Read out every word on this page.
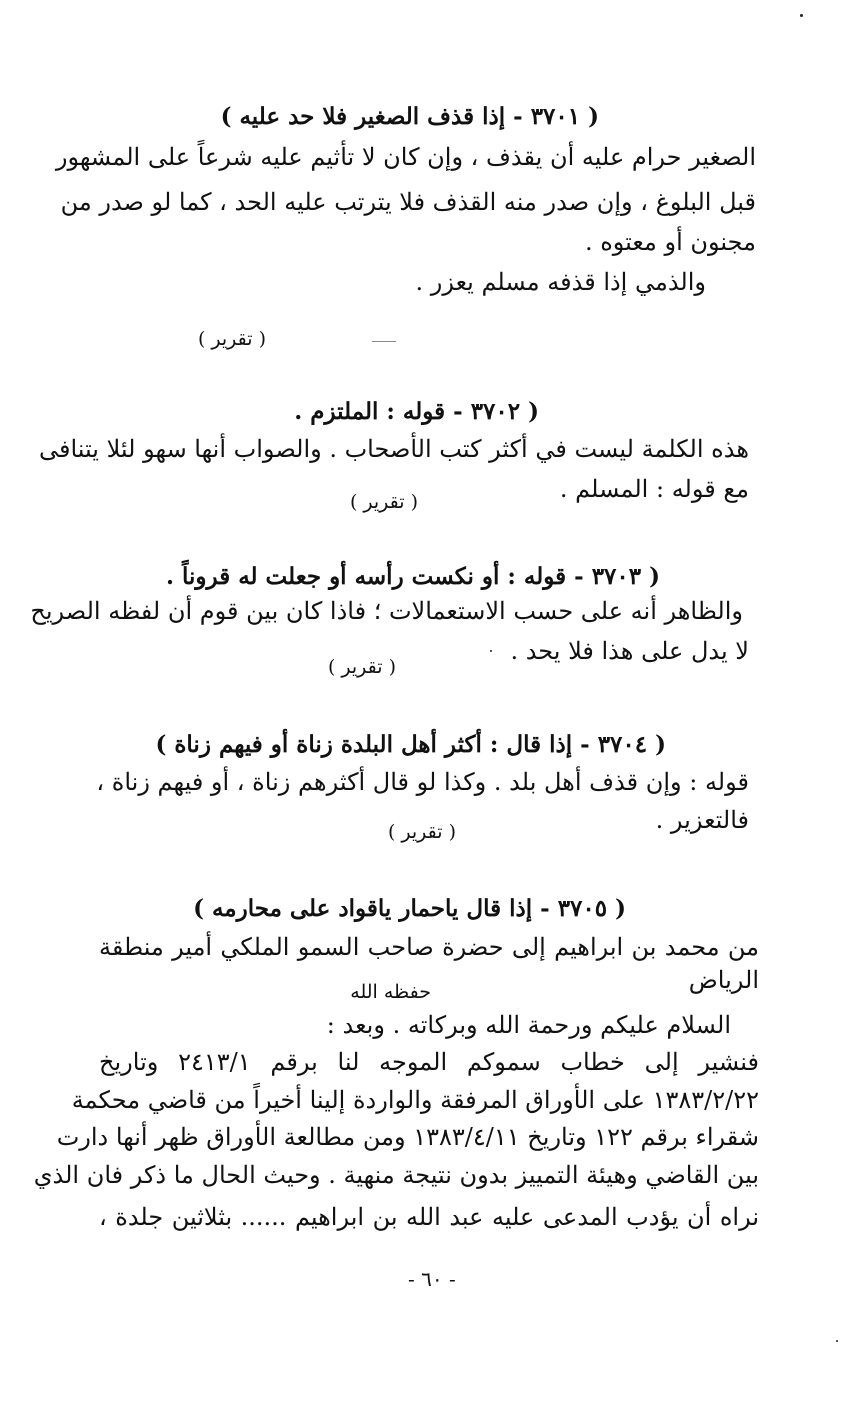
( ٣٧٠١ - إذا قذف الصغير فلا حد عليه )
الصغير حرام عليه أن يقذف ، وإن كان لا تأثيم عليه شرعاً على المشهور
قبل البلوغ ، وإن صدر منه القذف فلا يترتب عليه الحد ، كما لو صدر من
مجنون أو معتوه .
والذمي إذا قذفه مسلم يعزر .
( تقرير )
( ٣٧٠٢ - قوله : الملتزم .
هذه الكلمة ليست في أكثر كتب الأصحاب . والصواب أنها سهو لئلا يتنافى
مع قوله : المسلم .
( تقرير )
( ٣٧٠٣ - قوله : أو نكست رأسه أو جعلت له قروناً .
والظاهر أنه على حسب الاستعمالات ؛ فاذا كان بين قوم أن لفظه الصريح
لا يدل على هذا فلا يحد .
( تقرير )
( ٣٧٠٤ - إذا قال : أكثر أهل البلدة زناة أو فيهم زناة )
قوله : وإن قذف أهل بلد . وكذا لو قال أكثرهم زناة ، أو فيهم زناة ،
فالتعزير .
( تقرير )
( ٣٧٠٥ - إذا قال ياحمار ياقواد على محارمه )
من محمد بن ابراهيم إلى حضرة صاحب السمو الملكي أمير منطقة
الرياض
حفظه الله
السلام عليكم ورحمة الله وبركاته . وبعد :
فنشير إلى خطاب سموكم الموجه لنا برقم ٢٤١٣/١ وتاريخ
١٣٨٣/٢/٢٢ على الأوراق المرفقة والواردة إلينا أخيراً من قاضي محكمة
شقراء برقم ١٢٢ وتاريخ ١٣٨٣/٤/١١ ومن مطالعة الأوراق ظهر أنها دارت
بين القاضي وهيئة التمييز بدون نتيجة منهية . وحيث الحال ما ذكر فان الذي
نراه أن يؤدب المدعى عليه عبد الله بن ابراهيم ...... بثلاثين جلدة ،
- ٦٠ -
